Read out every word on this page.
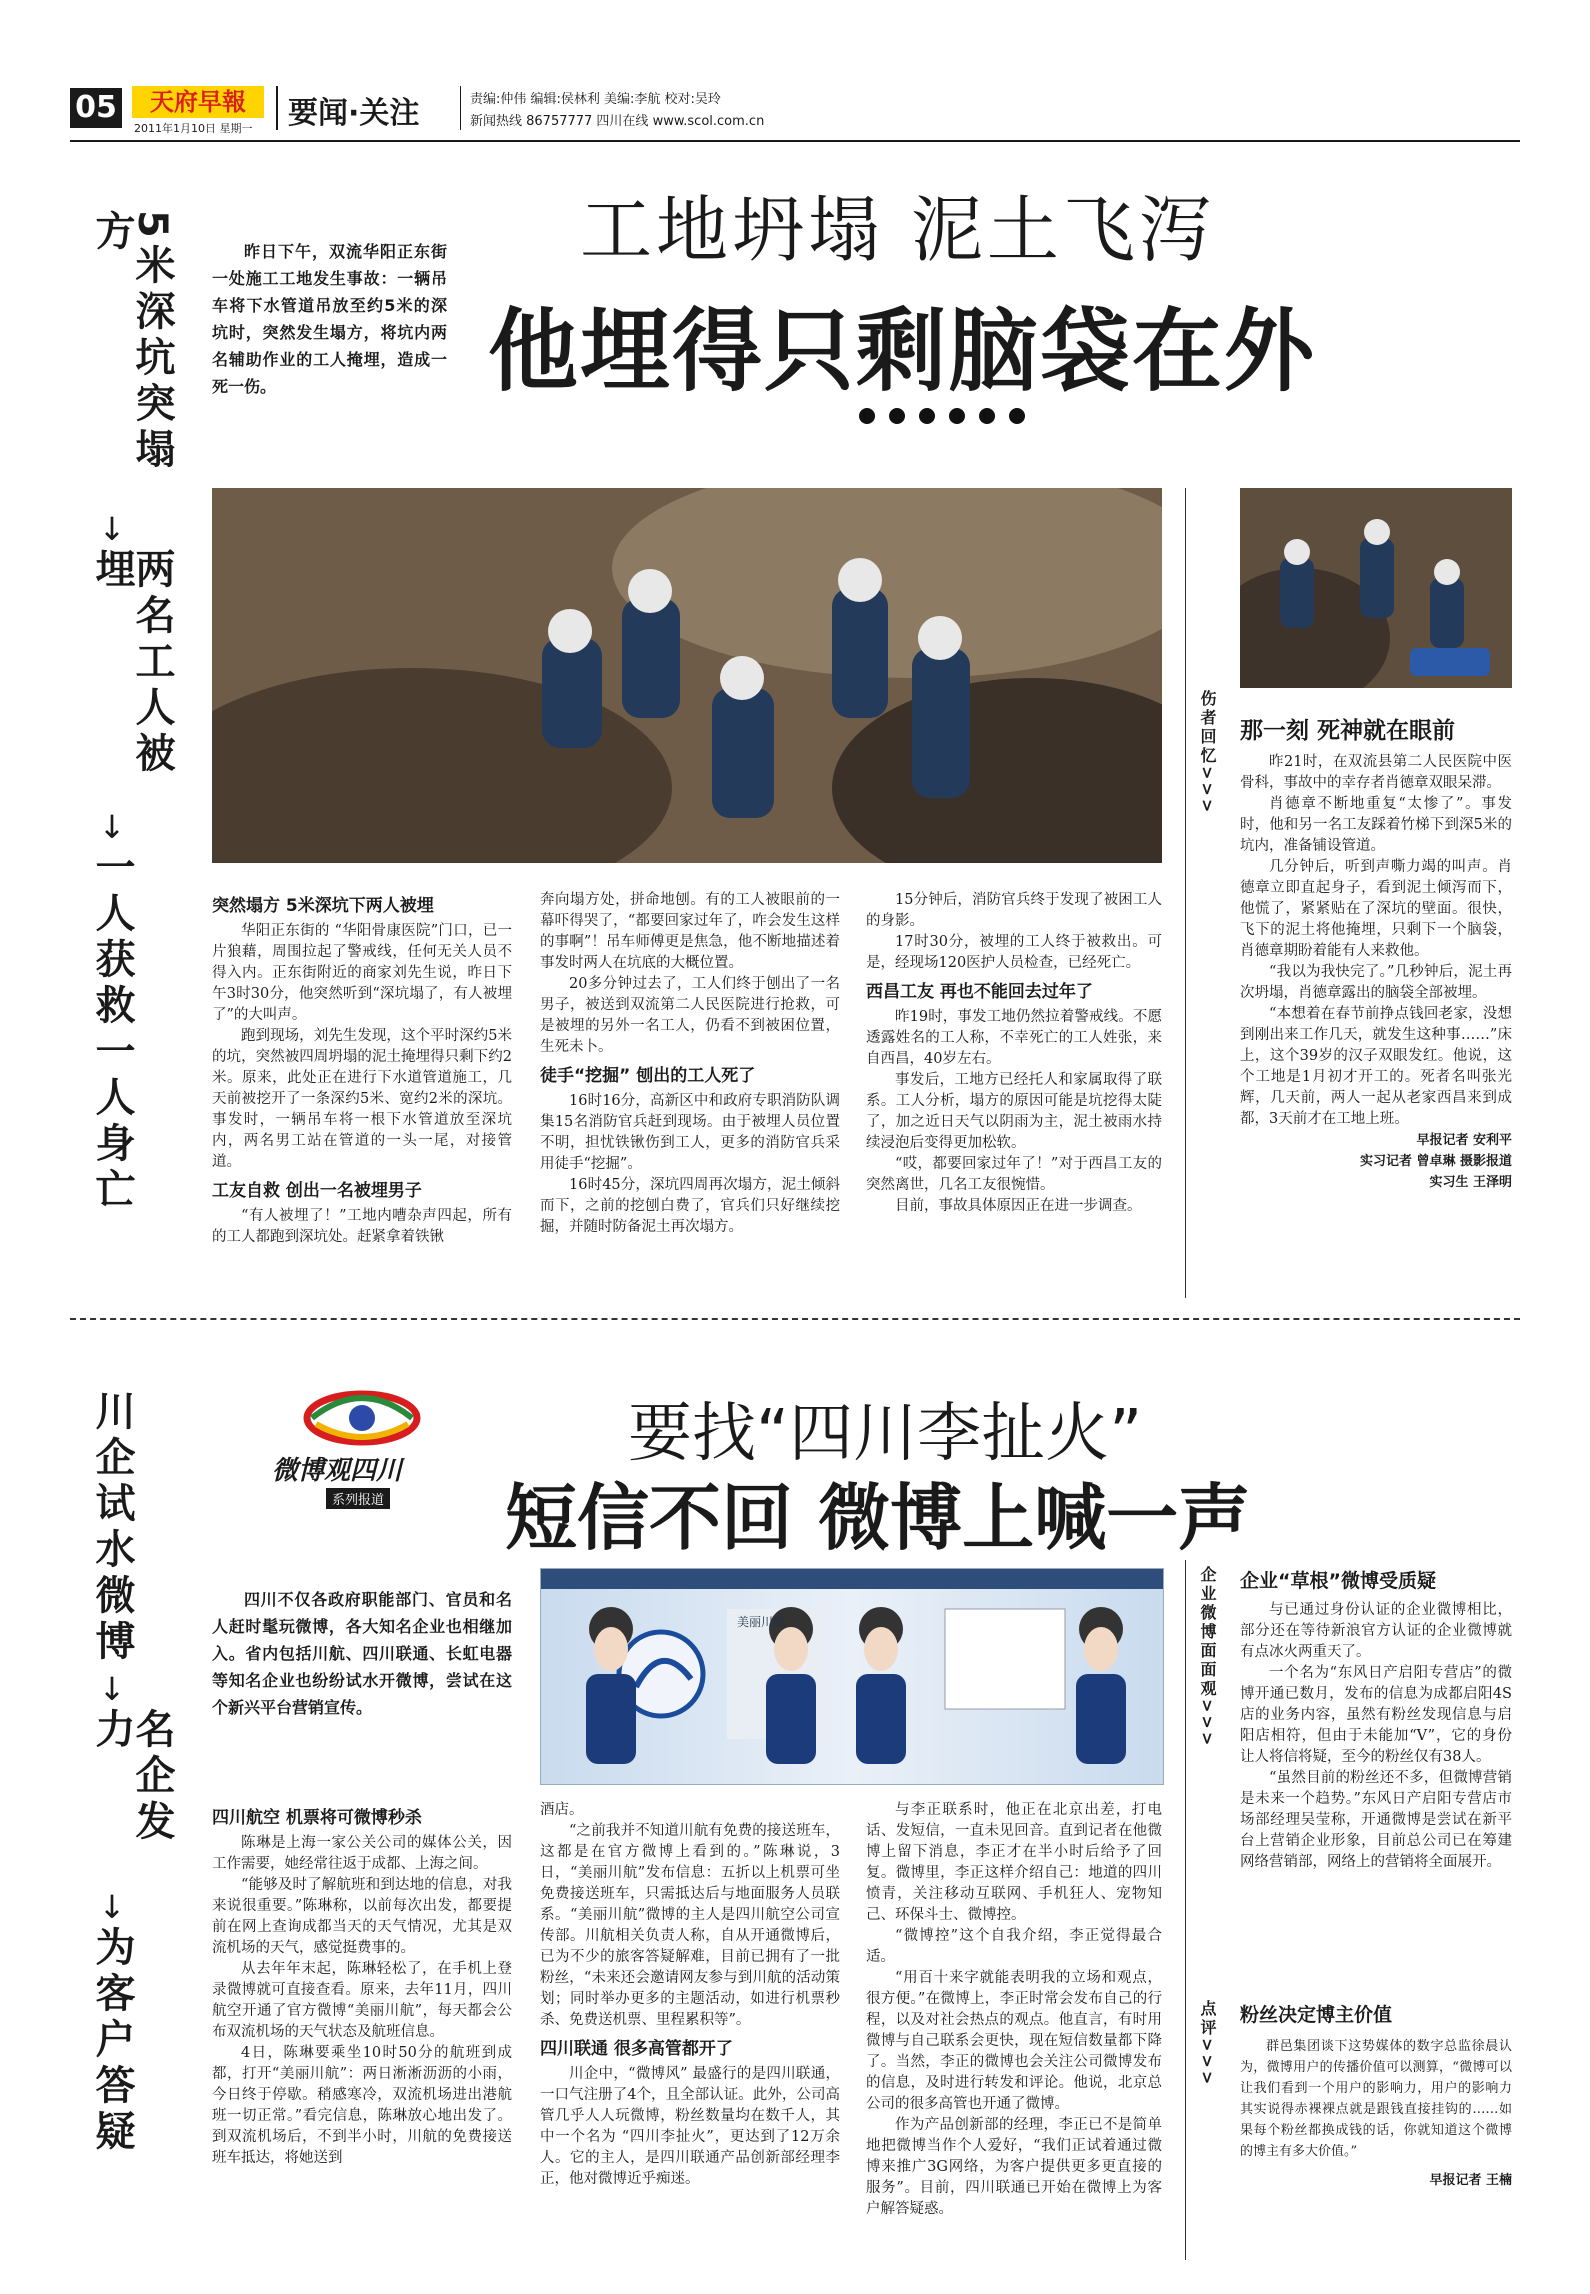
05	天府早報
2011年1月10日 星期一 要闻·关注	责编:仲伟 编辑:侯林利 美编:李航 校对:吴玲
新闻热线 86757777 四川在线 www.scol.com.cn
5米深坑突塌方
↓
两名工人被埋
↓
一人获救一人身亡

昨日下午，双流华阳正东街一处施工工地发生事故：一辆吊车将下水管道吊放至约5米的深坑时，突然发生塌方，将坑内两名辅助作业的工人掩埋，造成一死一伤。

工地坍塌 泥土飞泻
他埋得只剩脑袋在外
突然塌方 5米深坑下两人被埋

华阳正东街的 “华阳骨康医院”门口，已一片狼藉，周围拉起了警戒线，任何无关人员不得入内。正东街附近的商家刘先生说，昨日下午3时30分，他突然听到“深坑塌了，有人被埋了”的大叫声。

跑到现场，刘先生发现，这个平时深约5米的坑，突然被四周坍塌的泥土掩埋得只剩下约2米。原来，此处正在进行下水道管道施工，几天前被挖开了一条深约5米、宽约2米的深坑。事发时，一辆吊车将一根下水管道放至深坑内，两名男工站在管道的一头一尾，对接管道。

工友自救 创出一名被埋男子

“有人被埋了！”工地内嘈杂声四起，所有的工人都跑到深坑处。赶紧拿着铁锹

奔向塌方处，拼命地刨。有的工人被眼前的一幕吓得哭了，“都要回家过年了，咋会发生这样的事啊”！吊车师傅更是焦急，他不断地描述着事发时两人在坑底的大概位置。

20多分钟过去了，工人们终于刨出了一名男子，被送到双流第二人民医院进行抢救，可是被埋的另外一名工人，仍看不到被困位置，生死未卜。

徒手“挖掘” 刨出的工人死了

16时16分，高新区中和政府专职消防队调集15名消防官兵赶到现场。由于被埋人员位置不明，担忧铁锹伤到工人，更多的消防官兵采用徒手“挖掘”。

16时45分，深坑四周再次塌方，泥土倾斜而下，之前的挖刨白费了，官兵们只好继续挖掘，并随时防备泥土再次塌方。

15分钟后，消防官兵终于发现了被困工人的身影。

17时30分，被埋的工人终于被救出。可是，经现场120医护人员检查，已经死亡。

西昌工友 再也不能回去过年了

昨19时，事发工地仍然拉着警戒线。不愿透露姓名的工人称，不幸死亡的工人姓张，来自西昌，40岁左右。

事发后，工地方已经托人和家属取得了联系。工人分析，塌方的原因可能是坑挖得太陡了，加之近日天气以阴雨为主，泥土被雨水持续浸泡后变得更加松软。

“哎，都要回家过年了！”对于西昌工友的突然离世，几名工友很惋惜。

目前，事故具体原因正在进一步调查。

伤者回忆>>> 那一刻 死神就在眼前

昨21时，在双流县第二人民医院中医骨科，事故中的幸存者肖德章双眼呆滞。

肖德章不断地重复“太惨了”。事发时，他和另一名工友踩着竹梯下到深5米的坑内，准备铺设管道。

几分钟后，听到声嘶力竭的叫声。肖德章立即直起身子，看到泥土倾泻而下，他慌了，紧紧贴在了深坑的壁面。很快，飞下的泥土将他掩埋，只剩下一个脑袋，肖德章期盼着能有人来救他。

“我以为我快完了。”几秒钟后，泥土再次坍塌，肖德章露出的脑袋全部被埋。

“本想着在春节前挣点钱回老家，没想到刚出来工作几天，就发生这种事……”床上，这个39岁的汉子双眼发红。他说，这个工地是1月初才开工的。死者名叫张光辉，几天前，两人一起从老家西昌来到成都，3天前才在工地上班。

早报记者 安利平
实习记者 曾卓琳 摄影报道
实习生 王泽明
川企试水微博
↓
名企发力
↓
为客户答疑
微博观四川
系列报道
要找“四川李扯火”
短信不回 微博上喊一声

四川不仅各政府职能部门、官员和名人赶时髦玩微博，各大知名企业也相继加入。省内包括川航、四川联通、长虹电器等知名企业也纷纷试水开微博，尝试在这个新兴平台营销宣传。

美丽川航
四川航空 机票将可微博秒杀

陈琳是上海一家公关公司的媒体公关，因工作需要，她经常往返于成都、上海之间。

“能够及时了解航班和到达地的信息，对我来说很重要。”陈琳称，以前每次出发，都要提前在网上查询成都当天的天气情况，尤其是双流机场的天气，感觉挺费事的。

从去年年末起，陈琳轻松了，在手机上登录微博就可直接查看。原来，去年11月，四川航空开通了官方微博“美丽川航”，每天都会公布双流机场的天气状态及航班信息。

4日，陈琳要乘坐10时50分的航班到成都，打开“美丽川航”：两日淅淅沥沥的小雨，今日终于停歇。稍感寒冷，双流机场进出港航班一切正常。”看完信息，陈琳放心地出发了。到双流机场后，不到半小时，川航的免费接送班车抵达，将她送到

酒店。

“之前我并不知道川航有免费的接送班车，这都是在官方微博上看到的。”陈琳说，3日，“美丽川航”发布信息：五折以上机票可坐免费接送班车，只需抵达后与地面服务人员联系。“美丽川航”微博的主人是四川航空公司宣传部。川航相关负责人称，自从开通微博后，已为不少的旅客答疑解难，目前已拥有了一批粉丝，“未来还会邀请网友参与到川航的活动策划；同时举办更多的主题活动，如进行机票秒杀、免费送机票、里程累积等”。

四川联通 很多高管都开了

川企中，“微博风” 最盛行的是四川联通，一口气注册了4个，且全部认证。此外，公司高管几乎人人玩微博，粉丝数量均在数千人，其中一个名为 “四川李扯火”，更达到了12万余人。它的主人，是四川联通产品创新部经理李正，他对微博近乎痴迷。

与李正联系时，他正在北京出差，打电话、发短信，一直未见回音。直到记者在他微博上留下消息，李正才在半小时后给予了回复。微博里，李正这样介绍自己：地道的四川愤青，关注移动互联网、手机狂人、宠物知己、环保斗士、微博控。

“微博控”这个自我介绍，李正觉得最合适。

“用百十来字就能表明我的立场和观点，很方便。”在微博上，李正时常会发布自己的行程，以及对社会热点的观点。他直言，有时用微博与自己联系会更快，现在短信数量都下降了。当然，李正的微博也会关注公司微博发布的信息，及时进行转发和评论。他说，北京总公司的很多高管也开通了微博。

作为产品创新部的经理，李正已不是简单地把微博当作个人爱好，“我们正试着通过微博来推广3G网络，为客户提供更多更直接的服务”。目前，四川联通已开始在微博上为客户解答疑惑。

企业微博面面观>>> 企业“草根”微博受质疑

与已通过身份认证的企业微博相比，部分还在等待新浪官方认证的企业微博就有点冰火两重天了。

一个名为“东风日产启阳专营店”的微博开通已数月，发布的信息为成都启阳4S店的业务内容，虽然有粉丝发现信息与启阳店相符，但由于未能加“V”，它的身份让人将信将疑，至今的粉丝仅有38人。

“虽然目前的粉丝还不多，但微博营销是未来一个趋势。”东风日产启阳专营店市场部经理吴莹称，开通微博是尝试在新平台上营销企业形象，目前总公司已在筹建网络营销部，网络上的营销将全面展开。

点评>>> 粉丝决定博主价值

群邑集团谈下这势媒体的数字总监徐晨认为，微博用户的传播价值可以测算，“微博可以让我们看到一个用户的影响力，用户的影响力其实说得赤裸裸点就是跟钱直接挂钩的……如果每个粉丝都换成钱的话，你就知道这个微博的博主有多大价值。”

早报记者 王楠
